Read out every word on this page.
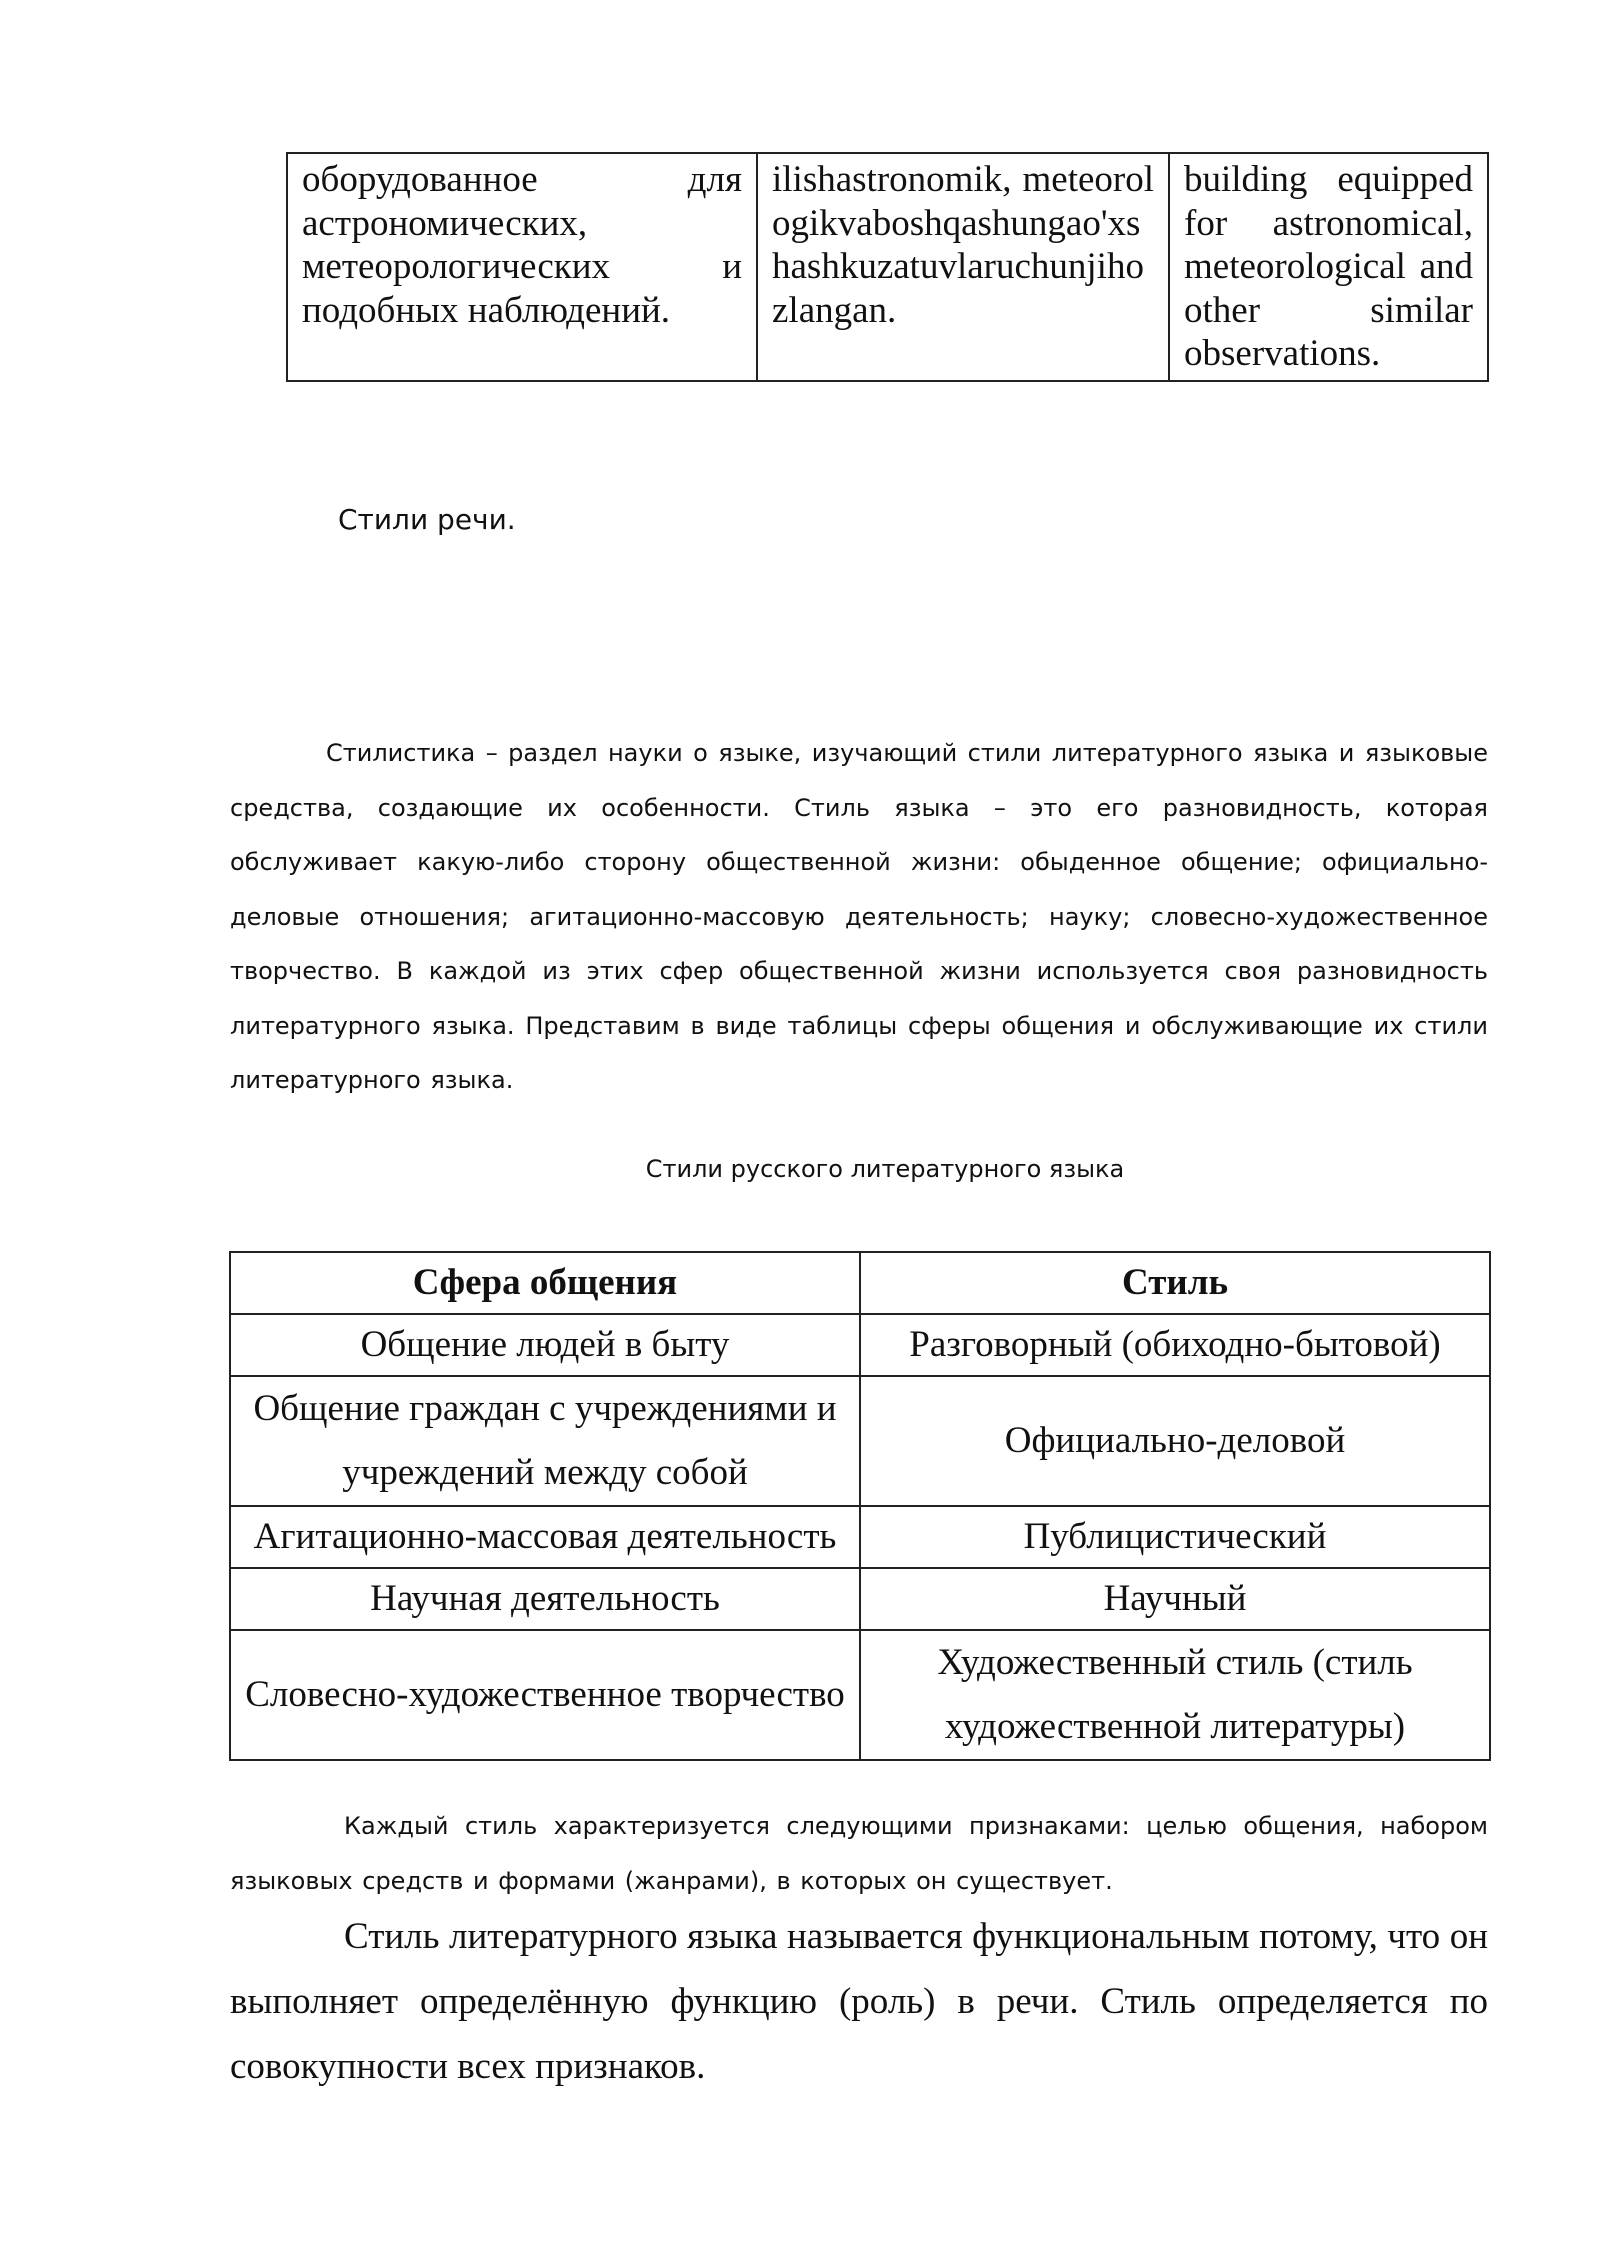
оборудованное для астрономических, метеорологических и подобных наблюдений.	ilishastronomik, meteorologikvaboshqashungao'xshashkuzatuvlaruchunjihozlangan.	building equipped for astronomical, meteorological and other similar observations.
Стили речи.

Стилистика – раздел науки о языке, изучающий стили литературного языка и языковые средства, создающие их особенности. Стиль языка – это его разновидность, которая обслуживает какую-либо сторону общественной жизни: обыденное общение; официально-деловые отношения; агитационно-массовую деятельность; науку; словесно-художественное творчество. В каждой из этих сфер общественной жизни используется своя разновидность литературного языка. Представим в виде таблицы сферы общения и обслуживающие их стили литературного языка.

Стили русского литературного языка

Сфера общения	Стиль
Общение людей в быту	Разговорный (обиходно-бытовой)
Общение граждан с учреждениями и учреждений между собой	Официально-деловой
Агитационно-массовая деятельность	Публицистический
Научная деятельность	Научный
Словесно-художественное творчество	Художественный стиль (стиль художественной литературы)

Каждый стиль характеризуется следующими признаками: целью общения, набором языковых средств и формами (жанрами), в которых он существует.

Стиль литературного языка называется функциональным потому, что он выполняет определённую функцию (роль) в речи. Стиль определяется по совокупности всех признаков.
